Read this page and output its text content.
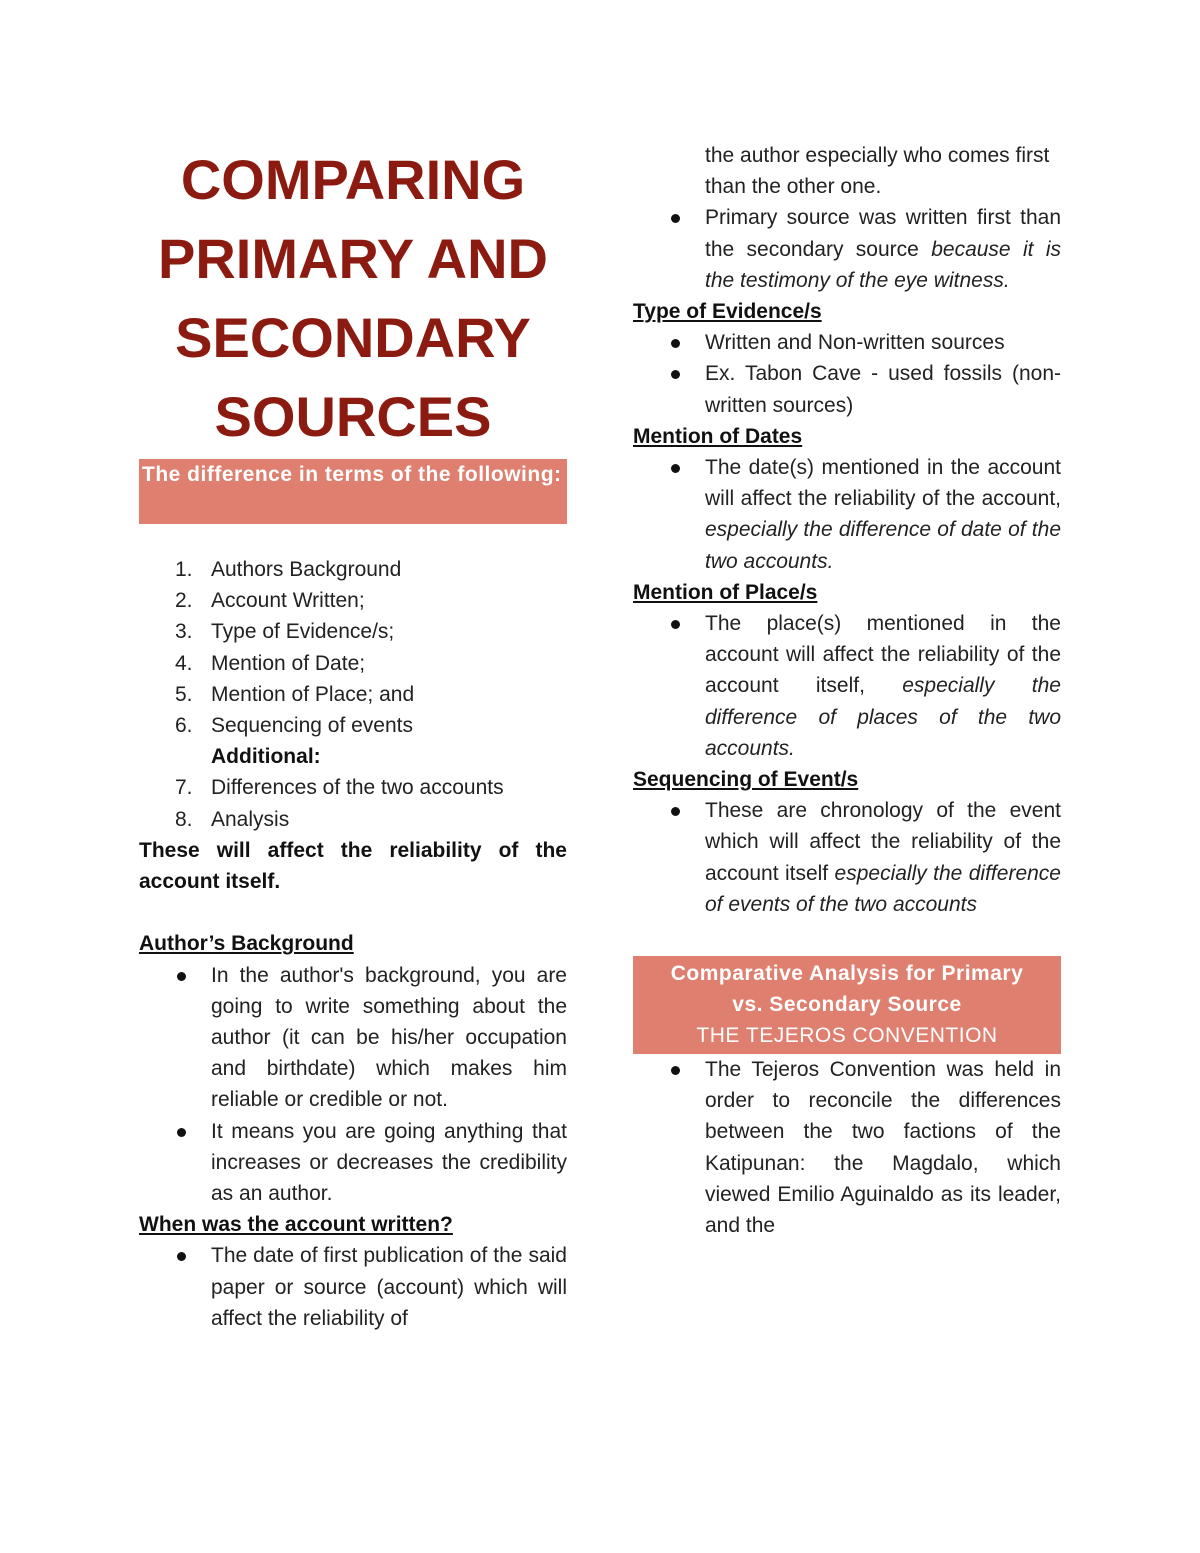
COMPARING
PRIMARY AND
SECONDARY
SOURCES
The difference in terms of the following:
1. Authors Background
2. Account Written;
3. Type of Evidence/s;
4. Mention of Date;
5. Mention of Place; and
6. Sequencing of events
Additional:
7. Differences of the two accounts
8. Analysis
These will affect the reliability of the account itself.
Author’s Background
In the author's background, you are going to write something about the author (it can be his/her occupation and birthdate) which makes him reliable or credible or not.
It means you are going anything that increases or decreases the credibility as an author.
When was the account written?
The date of first publication of the said paper or source (account) which will affect the reliability of
the author especially who comes first than the other one.
Primary source was written first than the secondary source because it is the testimony of the eye witness.
Type of Evidence/s
Written and Non-written sources
Ex. Tabon Cave - used fossils (non-written sources)
Mention of Dates
The date(s) mentioned in the account will affect the reliability of the account, especially the difference of date of the two accounts.
Mention of Place/s
The place(s) mentioned in the account will affect the reliability of the account itself, especially the difference of places of the two accounts.
Sequencing of Event/s
These are chronology of the event which will affect the reliability of the account itself especially the difference of events of the two accounts
Comparative Analysis for Primary
vs. Secondary Source
THE TEJEROS CONVENTION
The Tejeros Convention was held in order to reconcile the differences between the two factions of the Katipunan: the Magdalo, which viewed Emilio Aguinaldo as its leader, and the
